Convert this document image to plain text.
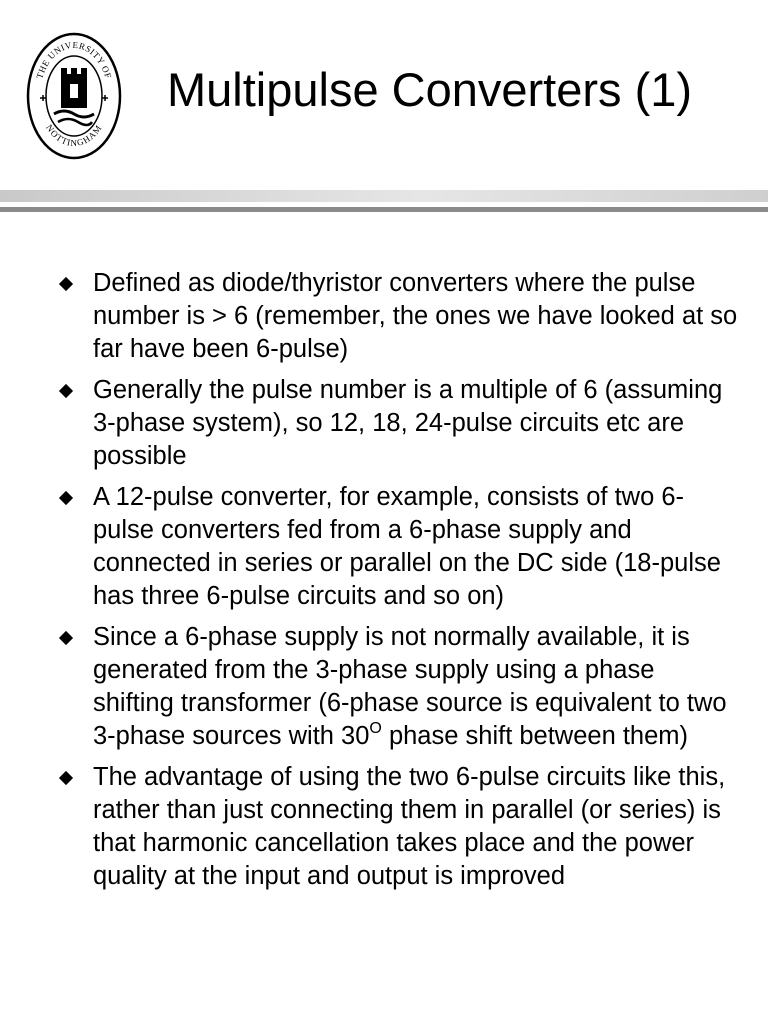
THE UNIVERSITY OF
NOTTINGHAM
Multipulse Converters (1)
Defined as diode/thyristor converters where the pulse number is > 6 (remember, the ones we have looked at so far have been 6-pulse)
Generally the pulse number is a multiple of 6 (assuming 3-phase system), so 12, 18, 24-pulse circuits etc are possible
A 12-pulse converter, for example, consists of two 6-pulse converters fed from a 6-phase supply and connected in series or parallel on the DC side (18-pulse has three 6-pulse circuits and so on)
Since a 6-phase supply is not normally available, it is generated from the 3-phase supply using a phase shifting transformer (6-phase source is equivalent to two 3-phase sources with $30^O$ phase shift between them)
The advantage of using the two 6-pulse circuits like this, rather than just connecting them in parallel (or series) is that harmonic cancellation takes place and the power quality at the input and output is improved
